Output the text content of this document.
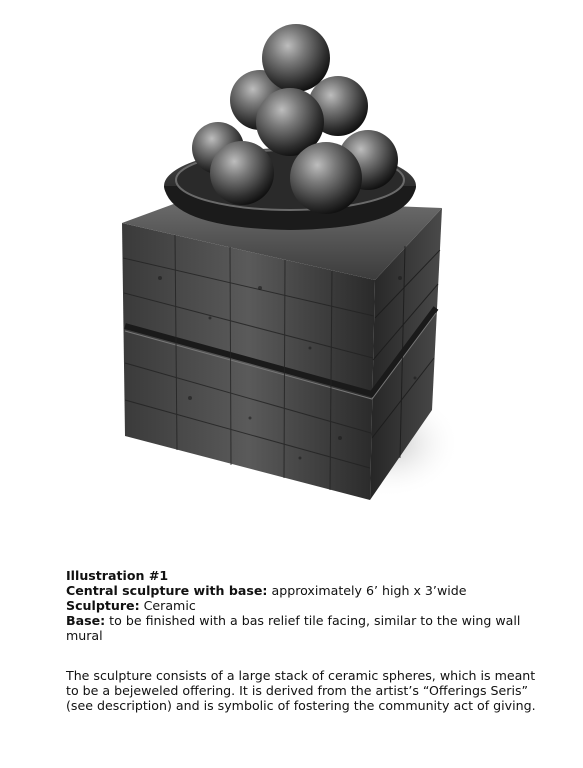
Illustration #1

Central sculpture with base: approximately 6’ high x 3’wide

Sculpture: Ceramic

Base: to be finished with a bas relief tile facing, similar to the wing wall mural

The sculpture consists of a large stack of ceramic spheres, which is meant to be a bejeweled offering. It is derived from the artist’s “Offerings Seris” (see description) and is symbolic of fostering the community act of giving.
